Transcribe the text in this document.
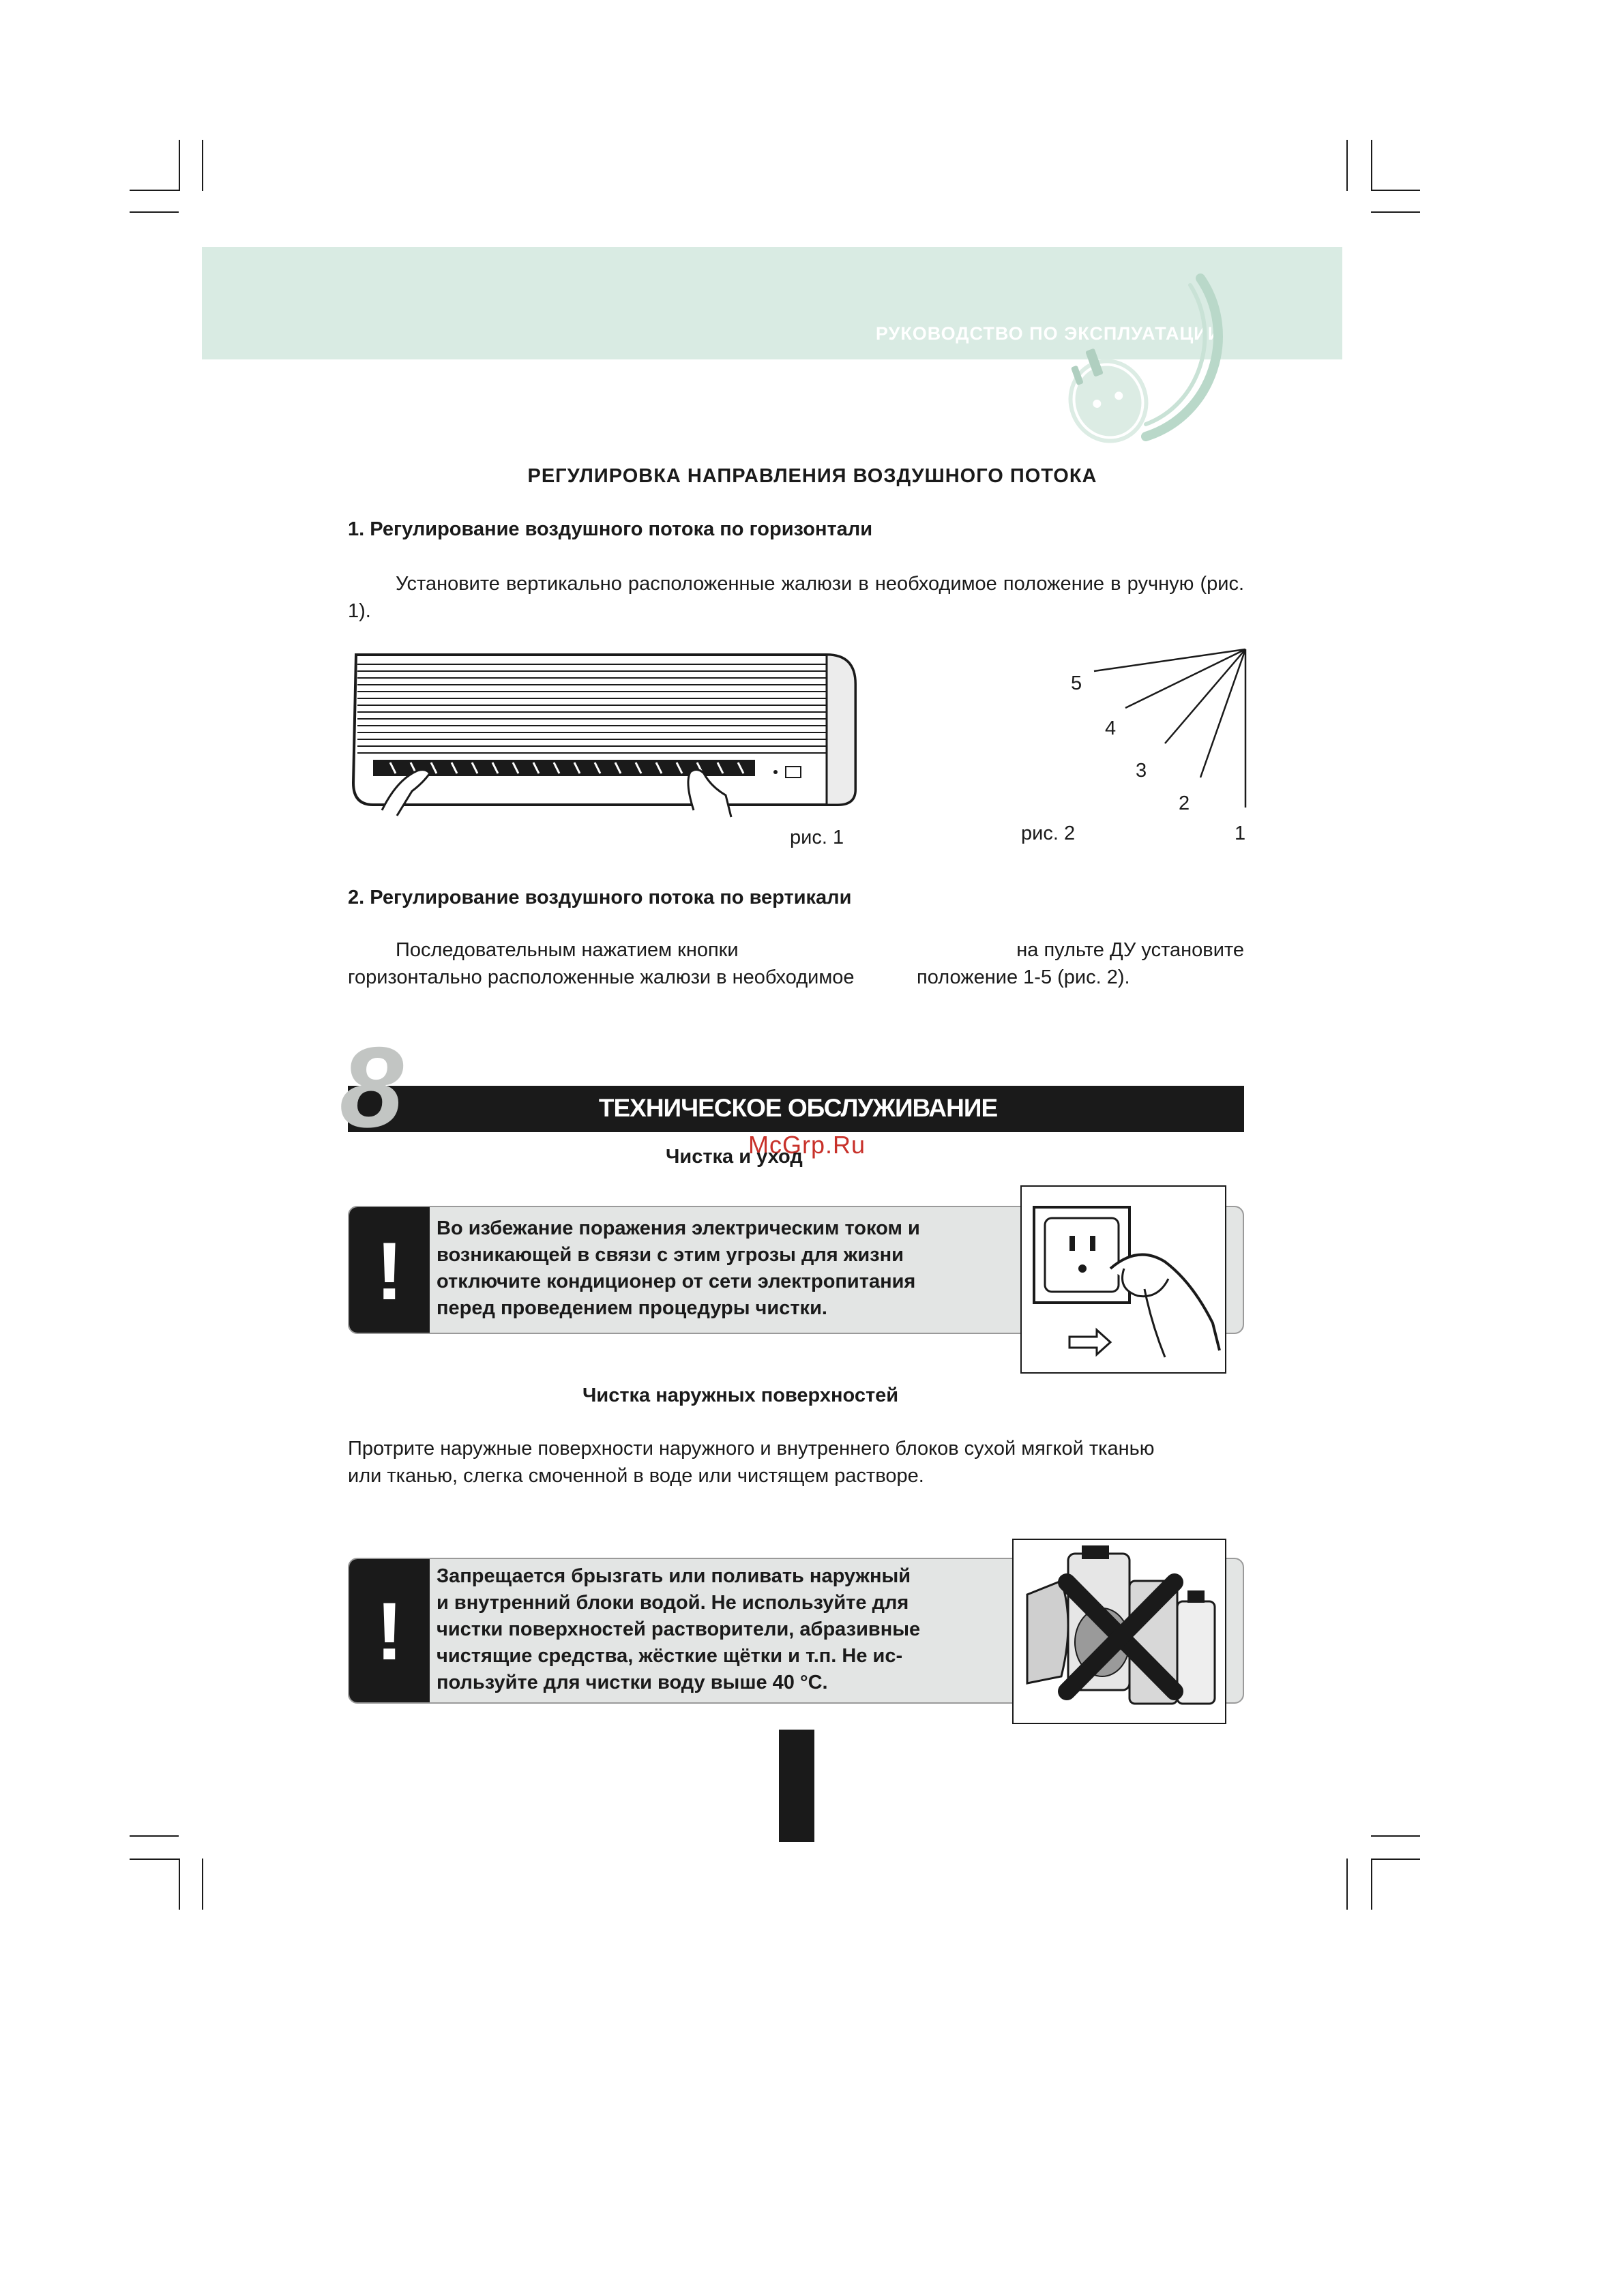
РУКОВОДСТВО ПО ЭКСПЛУАТАЦИИ
РЕГУЛИРОВКА НАПРАВЛЕНИЯ ВОЗДУШНОГО ПОТОКА
1. Регулирование воздушного потока по горизонтали
Установите вертикально расположенные жалюзи в необходимое положение в ручную (рис. 1).
рис. 1	1
2
3
4
5
рис. 2
2. Регулирование воздушного потока по вертикали
Последовательным нажатием кнопки	на пульте ДУ установите
горизонтально расположенные жалюзи в необходимое	положение 1-5 (рис. 2).
8	ТЕХНИЧЕСКОЕ ОБСЛУЖИВАНИЕ
McGrp.Ru
Чистка и уход
!	Во избежание поражения электрическим током и
возникающей в связи с этим угрозы для жизни
отключите кондиционер от сети электропитания
перед проведением процедуры чистки.
Чистка наружных поверхностей
Протрите наружные поверхности наружного и внутреннего блоков сухой мягкой тканью
или тканью, слегка смоченной в воде или чистящем растворе.
!
Запрещается брызгать или поливать наружный
и внутренний блоки водой. Не используйте для
чистки поверхностей растворители, абразивные
чистящие средства, жёсткие щётки и т.п. Не ис-
пользуйте для чистки воду выше 40 °С.
